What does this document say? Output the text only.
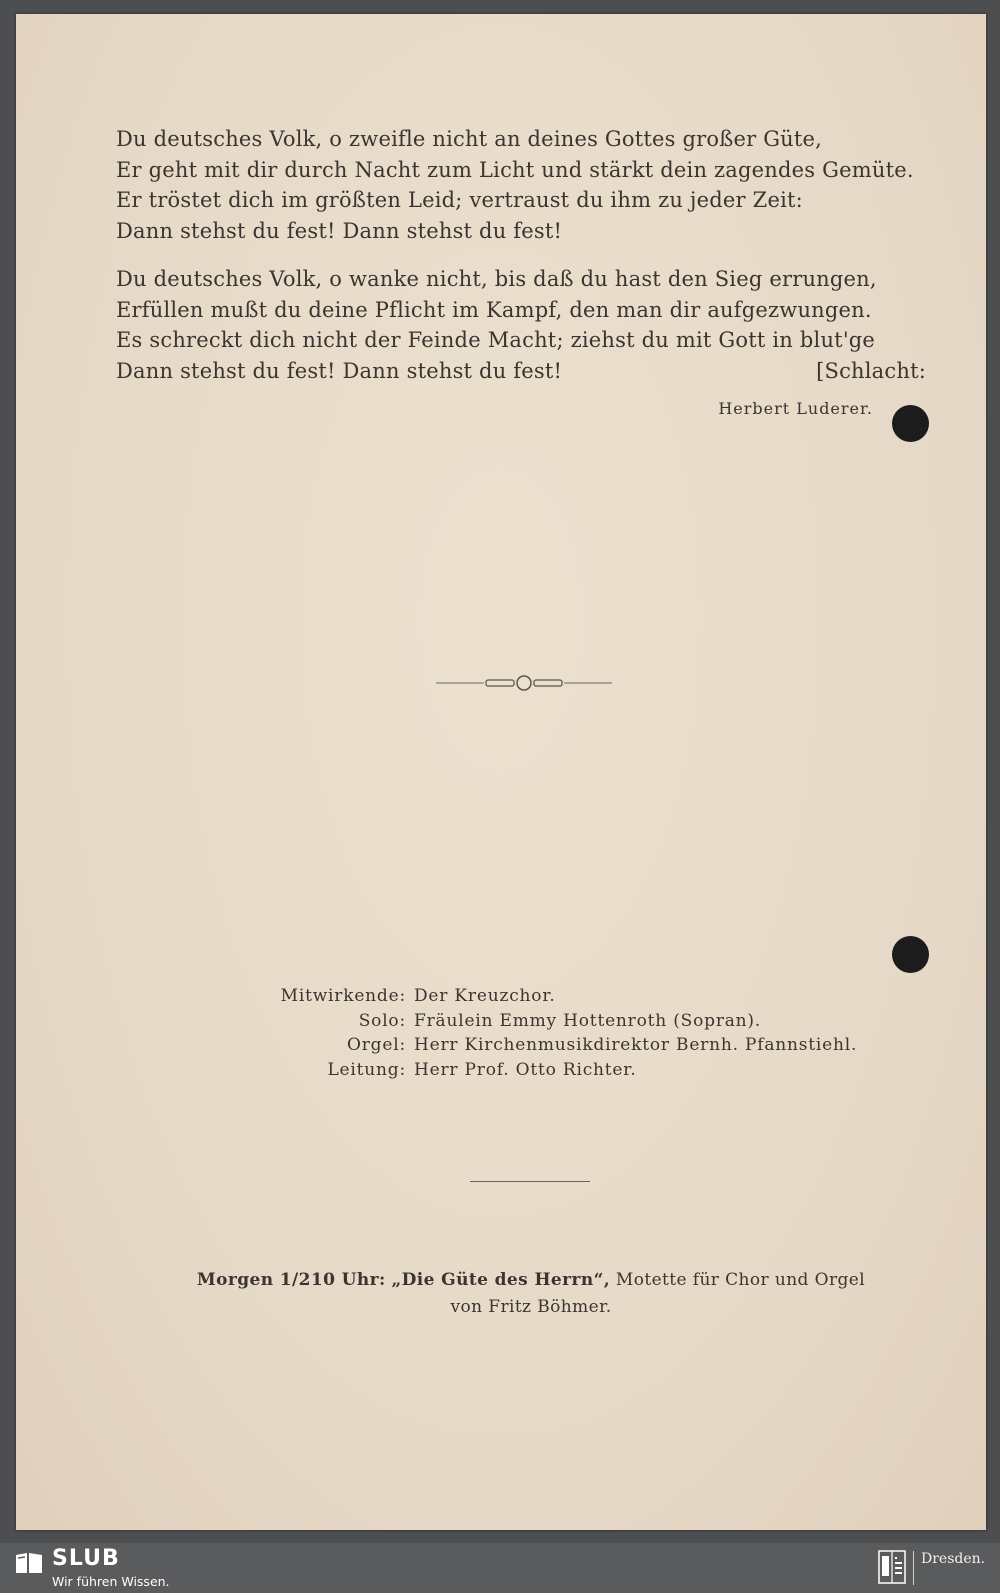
Du deutsches Volk, o zweifle nicht an deines Gottes großer Güte,
Er geht mit dir durch Nacht zum Licht und stärkt dein zagendes Gemüte.
Er tröstet dich im größten Leid; vertraust du ihm zu jeder Zeit:
Dann stehst du fest! Dann stehst du fest!
Du deutsches Volk, o wanke nicht, bis daß du hast den Sieg errungen,
Erfüllen mußt du deine Pflicht im Kampf, den man dir aufgezwungen.
Es schreckt dich nicht der Feinde Macht; ziehst du mit Gott in blut'ge
Dann stehst du fest! Dann stehst du fest!	[Schlacht:
Herbert Luderer.
Mitwirkende: Der Kreuzchor.
Solo: Fräulein Emmy Hottenroth (Sopran).
Orgel: Herr Kirchenmusikdirektor Bernh. Pfannstiehl.
Leitung: Herr Prof. Otto Richter.
Morgen 1/210 Uhr: „Die Güte des Herrn“, Motette für Chor und Orgel
von Fritz Böhmer.
SLUB
Wir führen Wissen.
Dresden.
